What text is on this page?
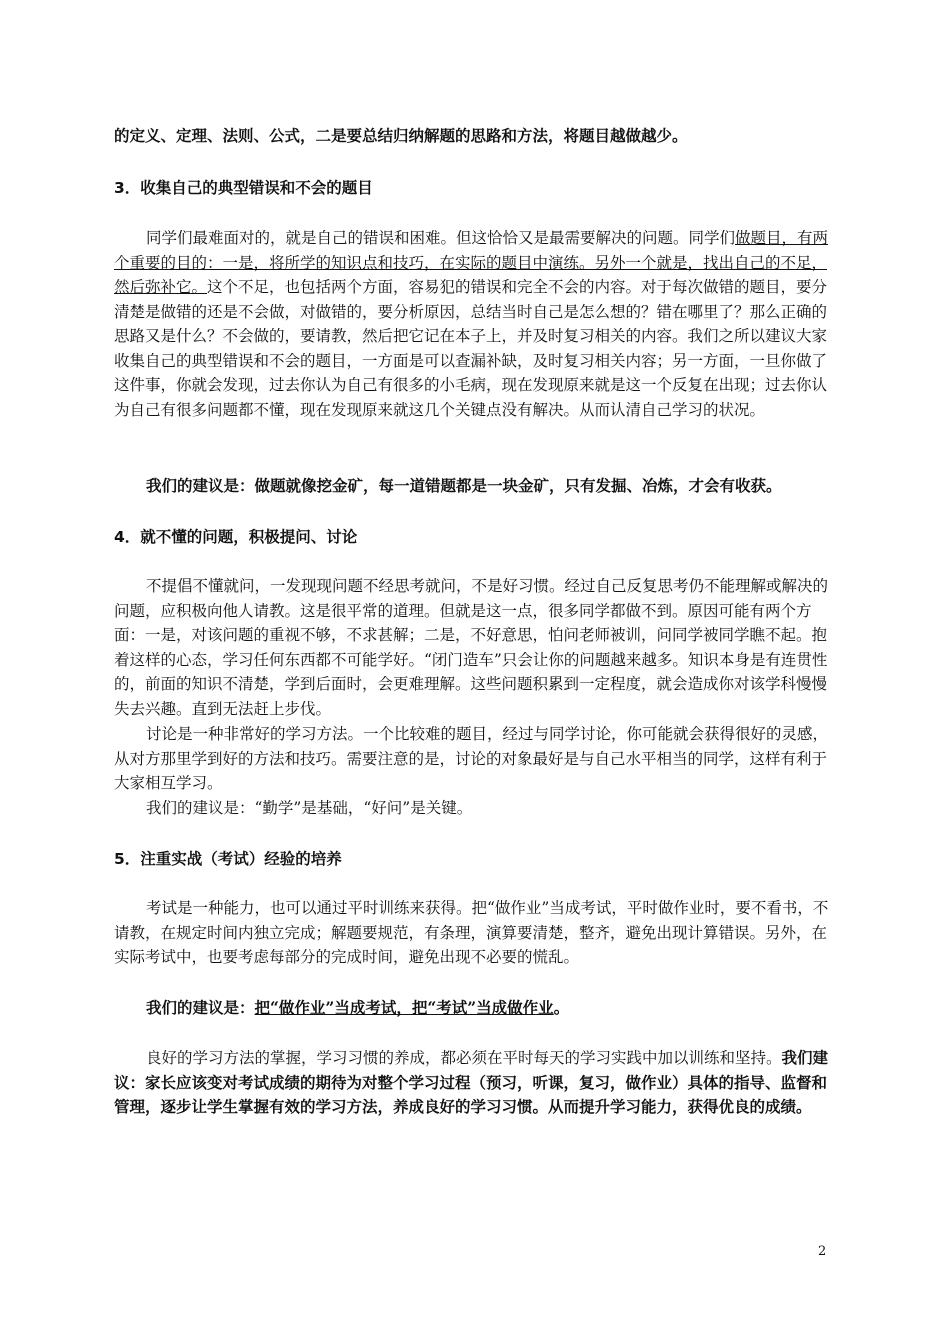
的定义、定理、法则、公式，二是要总结归纳解题的思路和方法，将题目越做越少。
3．收集自己的典型错误和不会的题目
同学们最难面对的，就是自己的错误和困难。但这恰恰又是最需要解决的问题。同学们做题目，有两个重要的目的：一是，将所学的知识点和技巧，在实际的题目中演练。另外一个就是，找出自己的不足，然后弥补它。这个不足，也包括两个方面，容易犯的错误和完全不会的内容。对于每次做错的题目，要分清楚是做错的还是不会做，对做错的，要分析原因，总结当时自己是怎么想的？错在哪里了？那么正确的思路又是什么？不会做的，要请教，然后把它记在本子上，并及时复习相关的内容。我们之所以建议大家收集自己的典型错误和不会的题目，一方面是可以查漏补缺，及时复习相关内容；另一方面，一旦你做了这件事，你就会发现，过去你认为自己有很多的小毛病，现在发现原来就是这一个反复在出现；过去你认为自己有很多问题都不懂，现在发现原来就这几个关键点没有解决。从而认清自己学习的状况。
我们的建议是：做题就像挖金矿，每一道错题都是一块金矿，只有发掘、冶炼，才会有收获。
4．就不懂的问题，积极提问、讨论
不提倡不懂就问，一发现现问题不经思考就问，不是好习惯。经过自己反复思考仍不能理解或解决的问题，应积极向他人请教。这是很平常的道理。但就是这一点，很多同学都做不到。原因可能有两个方面：一是，对该问题的重视不够，不求甚解；二是，不好意思，怕问老师被训，问同学被同学瞧不起。抱着这样的心态，学习任何东西都不可能学好。“闭门造车”只会让你的问题越来越多。知识本身是有连贯性的，前面的知识不清楚，学到后面时，会更难理解。这些问题积累到一定程度，就会造成你对该学科慢慢失去兴趣。直到无法赶上步伐。
讨论是一种非常好的学习方法。一个比较难的题目，经过与同学讨论，你可能就会获得很好的灵感，从对方那里学到好的方法和技巧。需要注意的是，讨论的对象最好是与自己水平相当的同学，这样有利于大家相互学习。
我们的建议是：“勤学”是基础，“好问”是关键。
5．注重实战（考试）经验的培养
考试是一种能力，也可以通过平时训练来获得。把“做作业”当成考试，平时做作业时，要不看书，不请教，在规定时间内独立完成；解题要规范，有条理，演算要清楚，整齐，避免出现计算错误。另外，在实际考试中，也要考虑每部分的完成时间，避免出现不必要的慌乱。
我们的建议是：把“做作业”当成考试，把“考试”当成做作业。
良好的学习方法的掌握，学习习惯的养成，都必须在平时每天的学习实践中加以训练和坚持。我们建议：家长应该变对考试成绩的期待为对整个学习过程（预习，听课，复习，做作业）具体的指导、监督和管理，逐步让学生掌握有效的学习方法，养成良好的学习习惯。从而提升学习能力，获得优良的成绩。
2
